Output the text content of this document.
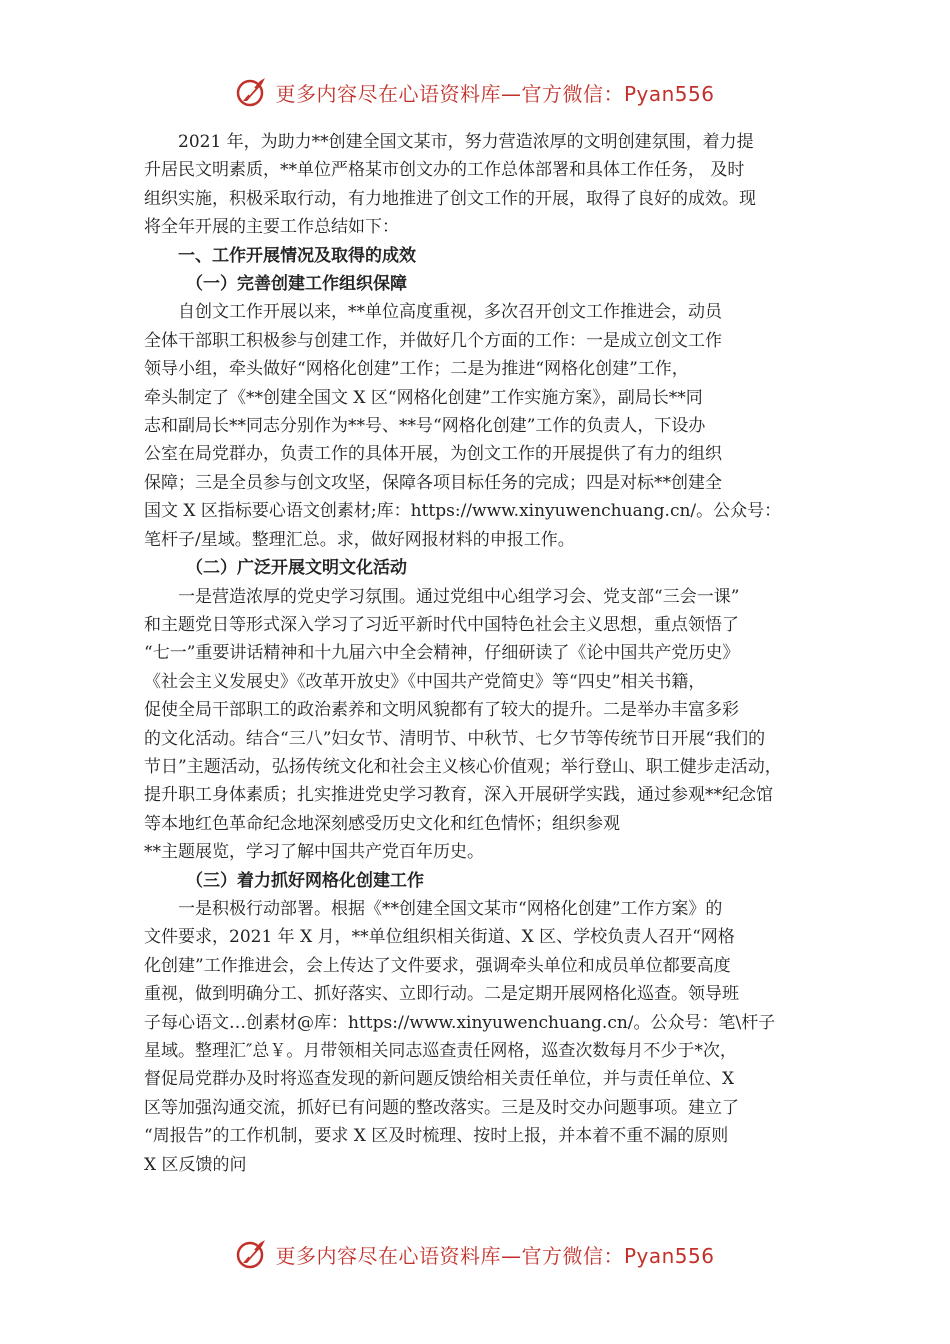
更多内容尽在心语资料库—官方微信：Pyan556

2021 年，为助力**创建全国文某市，努力营造浓厚的文明创建氛围，着力提
升居民文明素质，**单位严格某市创文办的工作总体部署和具体工作任务， 及时
组织实施，积极采取行动，有力地推进了创文工作的开展，取得了良好的成效。现
将全年开展的主要工作总结如下：

一、工作开展情况及取得的成效

（一）完善创建工作组织保障

自创文工作开展以来，**单位高度重视，多次召开创文工作推进会，动员
全体干部职工积极参与创建工作，并做好几个方面的工作：一是成立创文工作
领导小组，牵头做好“网格化创建”工作；二是为推进“网格化创建”工作，
牵头制定了《**创建全国文 X 区“网格化创建”工作实施方案》，副局长**同
志和副局长**同志分别作为**号、**号“网格化创建”工作的负责人，下设办
公室在局党群办，负责工作的具体开展，为创文工作的开展提供了有力的组织
保障；三是全员参与创文攻坚，保障各项目标任务的完成；四是对标**创建全
国文 X 区指标要心语文创素材;库：https://www.xinyuwenchuang.cn/。公众号：
笔杆子/星域。整理汇总。求，做好网报材料的申报工作。

（二）广泛开展文明文化活动

一是营造浓厚的党史学习氛围。通过党组中心组学习会、党支部“三会一课”
和主题党日等形式深入学习了习近平新时代中国特色社会主义思想，重点领悟了
“七一”重要讲话精神和十九届六中全会精神，仔细研读了《论中国共产党历史》
《社会主义发展史》《改革开放史》《中国共产党简史》等“四史”相关书籍，
促使全局干部职工的政治素养和文明风貌都有了较大的提升。二是举办丰富多彩
的文化活动。结合“三八”妇女节、清明节、中秋节、七夕节等传统节日开展“我们的
节日”主题活动，弘扬传统文化和社会主义核心价值观；举行登山、职工健步走活动，
提升职工身体素质；扎实推进党史学习教育，深入开展研学实践，通过参观**纪念馆
等本地红色革命纪念地深刻感受历史文化和红色情怀；组织参观
**主题展览，学习了解中国共产党百年历史。

（三）着力抓好网格化创建工作

一是积极行动部署。根据《**创建全国文某市“网格化创建”工作方案》的
文件要求，2021 年 X 月，**单位组织相关街道、X 区、学校负责人召开“网格
化创建”工作推进会，会上传达了文件要求，强调牵头单位和成员单位都要高度
重视，做到明确分工、抓好落实、立即行动。二是定期开展网格化巡查。领导班
子每心语文…创素材@库：https://www.xinyuwenchuang.cn/。公众号：笔\杆子
星域。整理汇″总￥。月带领相关同志巡查责任网格，巡查次数每月不少于*次，
督促局党群办及时将巡查发现的新问题反馈给相关责任单位，并与责任单位、X
区等加强沟通交流，抓好已有问题的整改落实。三是及时交办问题事项。建立了
“周报告”的工作机制，要求 X 区及时梳理、按时上报，并本着不重不漏的原则
X 区反馈的问

更多内容尽在心语资料库—官方微信：Pyan556
